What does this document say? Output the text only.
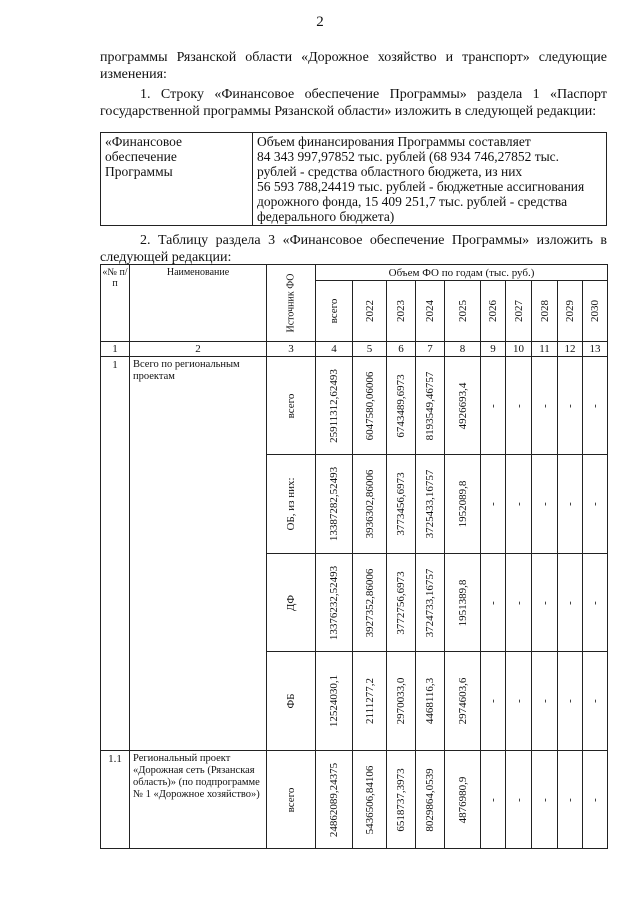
2
программы Рязанской области «Дорожное хозяйство и транспорт» следующие изменения:
1. Строку «Финансовое обеспечение Программы» раздела 1 «Паспорт государственной программы Рязанской области» изложить в следующей редакции:
«Финансовое
обеспечение
Программы

Объем финансирования Программы составляет
84 343 997,97852 тыс. рублей (68 934 746,27852 тыс.
рублей - средства областного бюджета, из них
56 593 788,24419 тыс. рублей - бюджетные ассигнования
дорожного фонда, 15 409 251,7 тыс. рублей - средства
федерального бюджета)
2. Таблицу раздела 3 «Финансовое обеспечение Программы» изложить в следующей редакции:
«№ п/п	Наименование	Источник ФО	Объем ФО по годам (тыс. руб.)									

			всего	2022	2023	2024	2025	2026	2027	2028	2029	2030

1	2	3	4	5	6	7	8	9	10	11	12	13
1	Всего по региональным проектам	всего	25911312,62493	6047580,06006	6743489,6973	8193549,46757	4926693,4	-	-	-	-	-

		ОБ, из них:	13387282,52493	3936302,86006	3773456,6973	3725433,16757	1952089,8	-	-	-	-	-

		ДФ	13376232,52493	3927352,86006	3772756,6973	3724733,16757	1951389,8	-	-	-	-	-

		ФБ	12524030,1	2111277,2	2970033,0	4468116,3	2974603,6	-	-	-	-	-

1.1	Региональный проект «Дорожная сеть (Рязанская область)» (по подпрограмме № 1 «Дорожное хозяйство»)	всего	24862089,24375	5436506,84106	6518737,3973	8029864,0539	4876980,9	-	-	-	-	-
